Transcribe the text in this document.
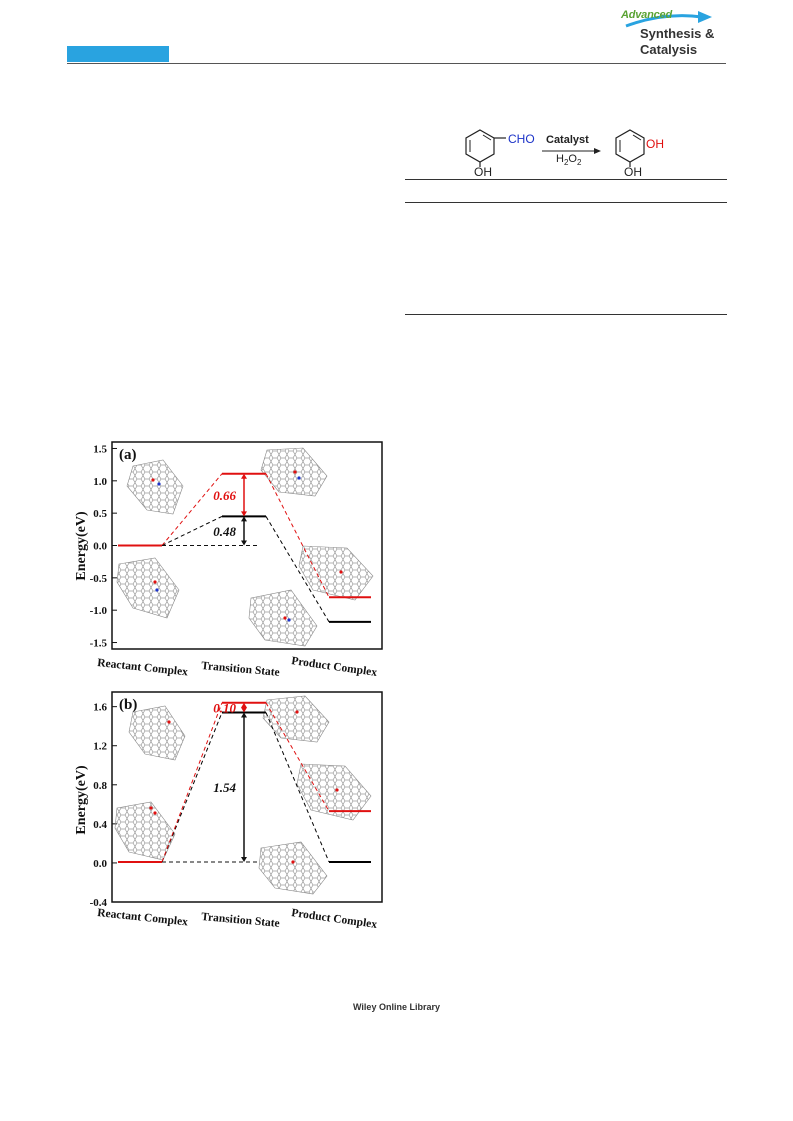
Advanced
Synthesis &
Catalysis
CHO
OH
Catalyst
$H_2O_2$
OH
OH
(a)
1.5
1.0
0.5
0.0
-0.5
-1.0
-1.5
Energy(eV)
0.66
0.48
Reactant Complex Transition State Product Complex
(b)
1.6
1.2
0.8
0.4
0.0
-0.4
Energy(eV)
0.10
1.54
Reactant Complex Transition State Product Complex
Wiley Online Library
